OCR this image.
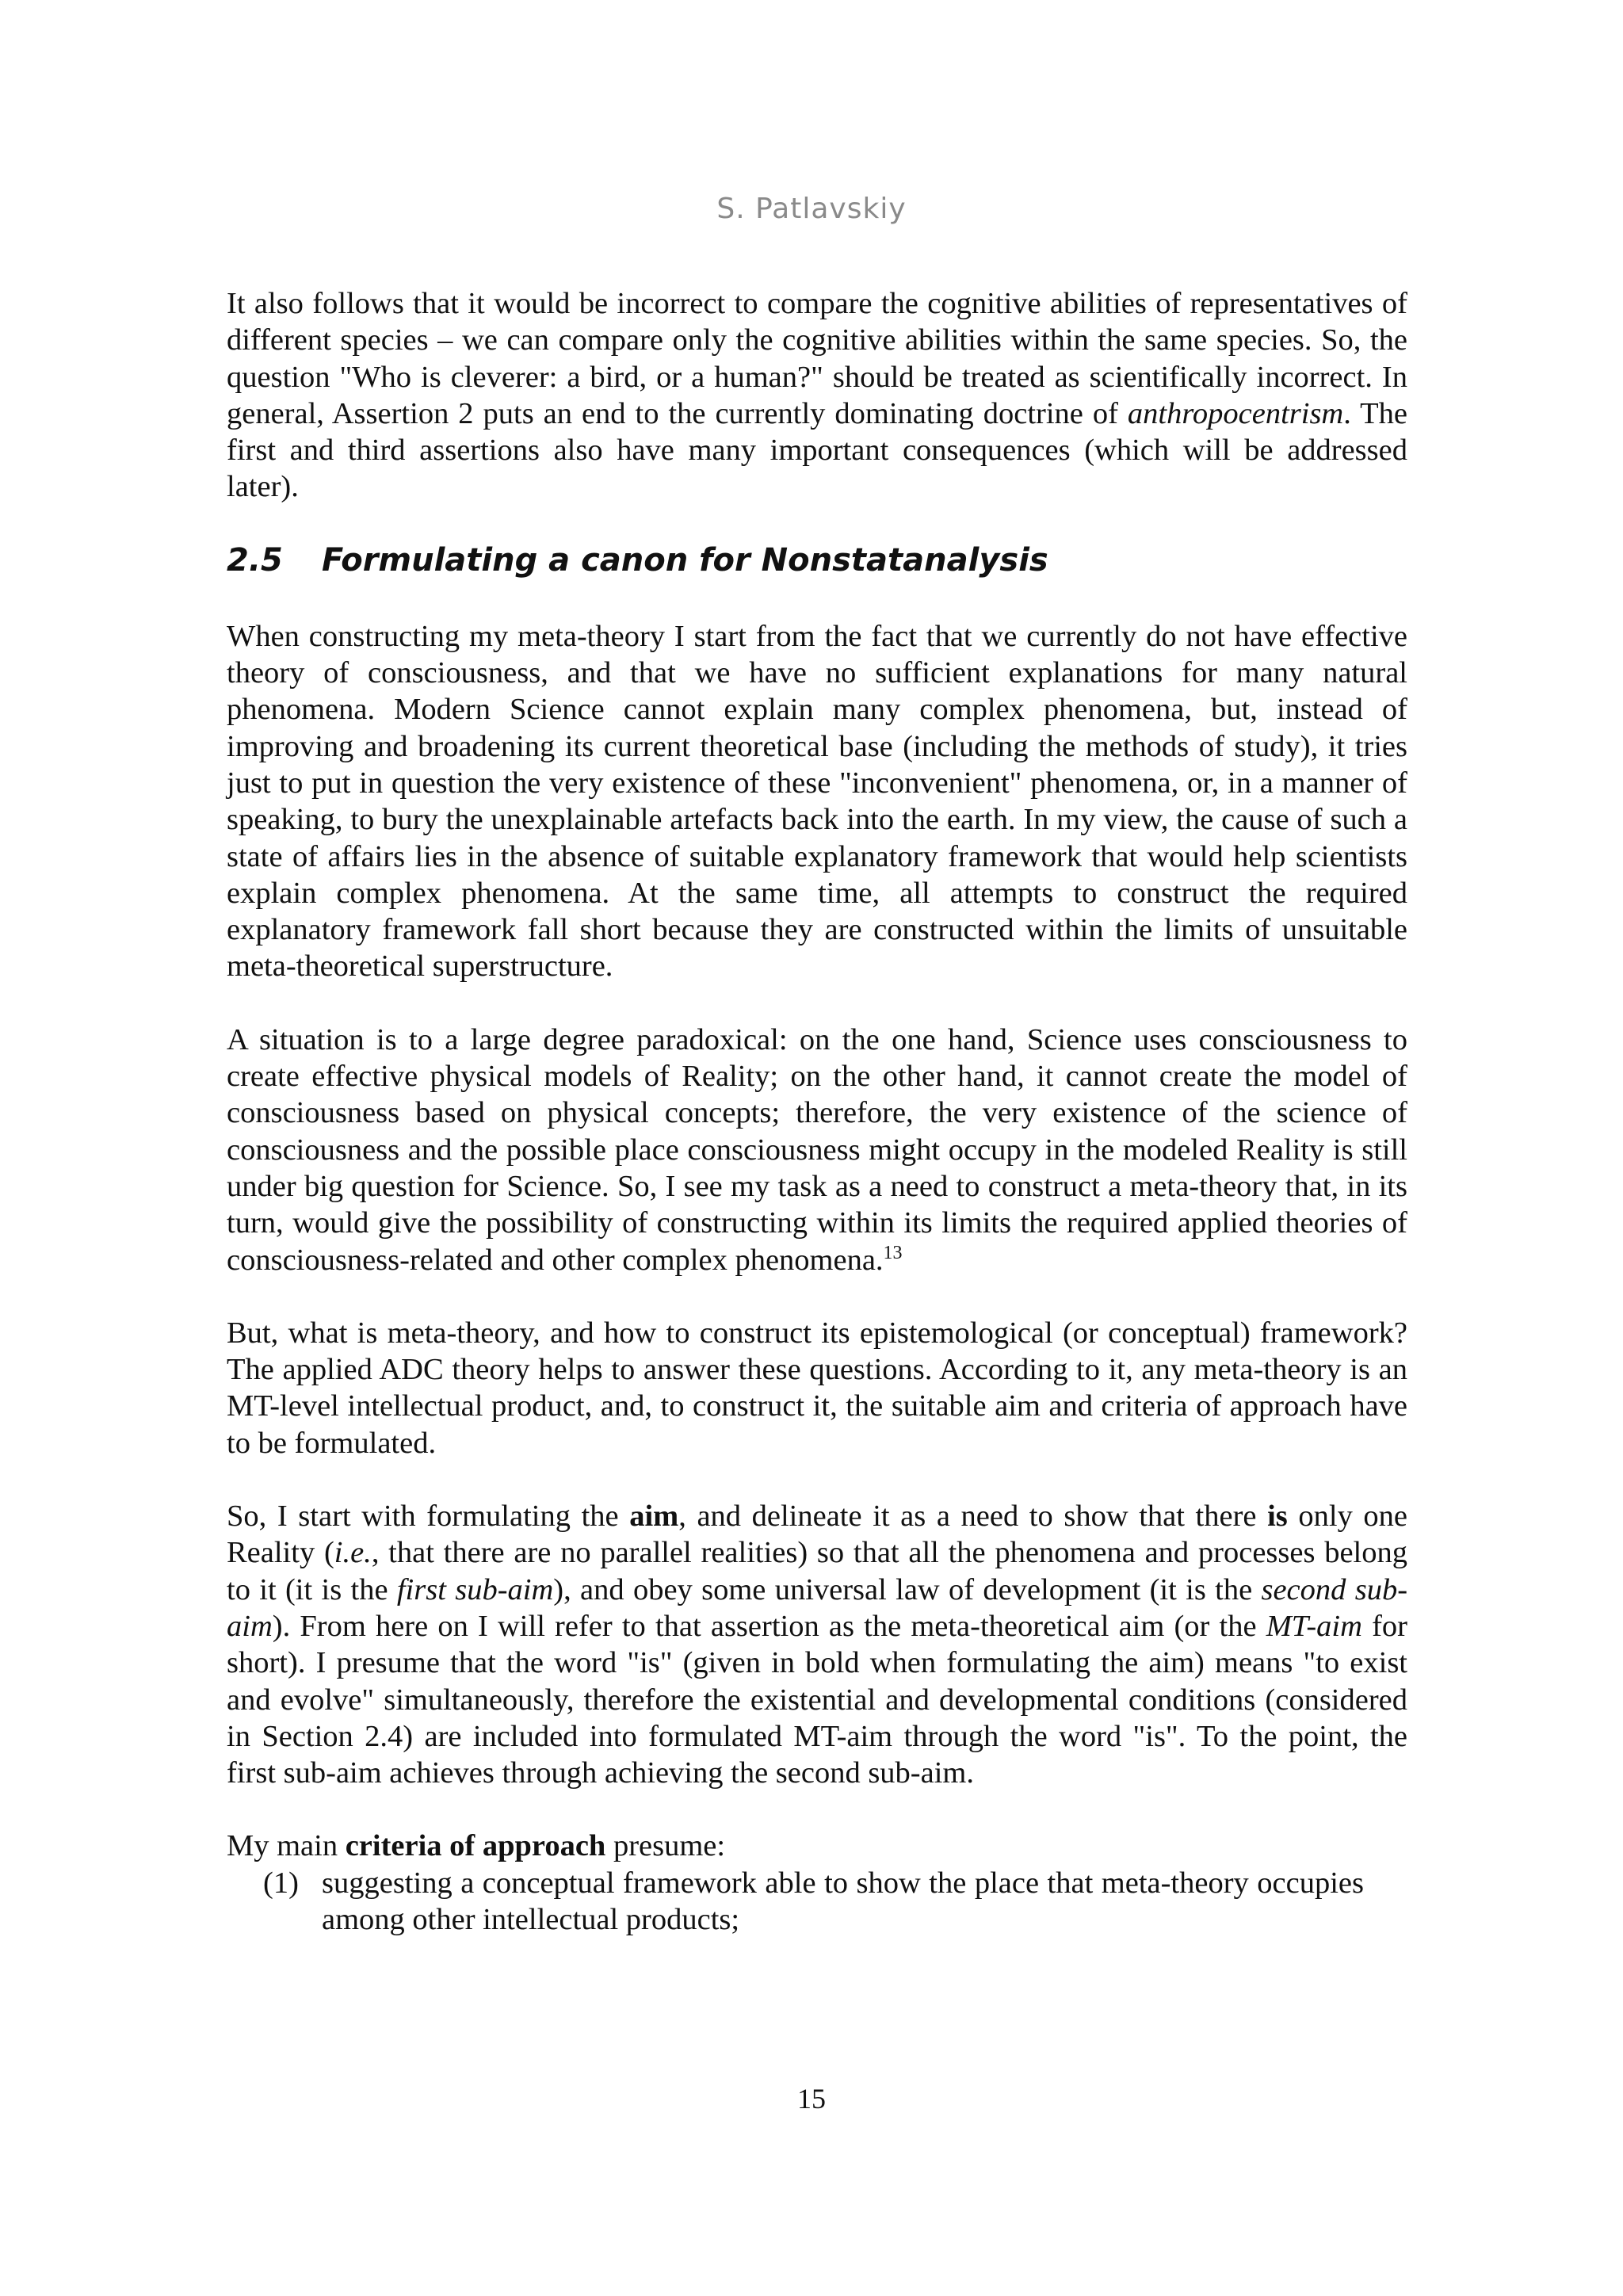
S. Patlavskiy

It also follows that it would be incorrect to compare the cognitive abilities of representatives of different species – we can compare only the cognitive abilities within the same species. So, the question "Who is cleverer: a bird, or a human?" should be treated as scientifically incorrect. In general, Assertion 2 puts an end to the currently dominating doctrine of anthropocentrism. The first and third assertions also have many important consequences (which will be addressed later).

2.5 Formulating a canon for Nonstatanalysis

When constructing my meta-theory I start from the fact that we currently do not have effective theory of consciousness, and that we have no sufficient explanations for many natural phenomena. Modern Science cannot explain many complex phenomena, but, instead of improving and broadening its current theoretical base (including the methods of study), it tries just to put in question the very existence of these "inconvenient" phenomena, or, in a manner of speaking, to bury the unexplainable artefacts back into the earth. In my view, the cause of such a state of affairs lies in the absence of suitable explanatory framework that would help scientists explain complex phenomena. At the same time, all attempts to construct the required explanatory framework fall short because they are constructed within the limits of unsuitable meta-theoretical superstructure.

A situation is to a large degree paradoxical: on the one hand, Science uses consciousness to create effective physical models of Reality; on the other hand, it cannot create the model of consciousness based on physical concepts; therefore, the very existence of the science of consciousness and the possible place consciousness might occupy in the modeled Reality is still under big question for Science. So, I see my task as a need to construct a meta-theory that, in its turn, would give the possibility of constructing within its limits the required applied theories of consciousness-related and other complex phenomena.$^{13}$

But, what is meta-theory, and how to construct its epistemological (or conceptual) framework? The applied ADC theory helps to answer these questions. According to it, any meta-theory is an MT-level intellectual product, and, to construct it, the suitable aim and criteria of approach have to be formulated.

So, I start with formulating the aim, and delineate it as a need to show that there is only one Reality (i.e., that there are no parallel realities) so that all the phenomena and processes belong to it (it is the first sub-aim), and obey some universal law of development (it is the second sub-aim). From here on I will refer to that assertion as the meta-theoretical aim (or the MT-aim for short). I presume that the word "is" (given in bold when formulating the aim) means "to exist and evolve" simultaneously, therefore the existential and developmental conditions (considered in Section 2.4) are included into formulated MT-aim through the word "is". To the point, the first sub-aim achieves through achieving the second sub-aim.

My main criteria of approach presume:

(1) suggesting a conceptual framework able to show the place that meta-theory occupies among other intellectual products;
15
